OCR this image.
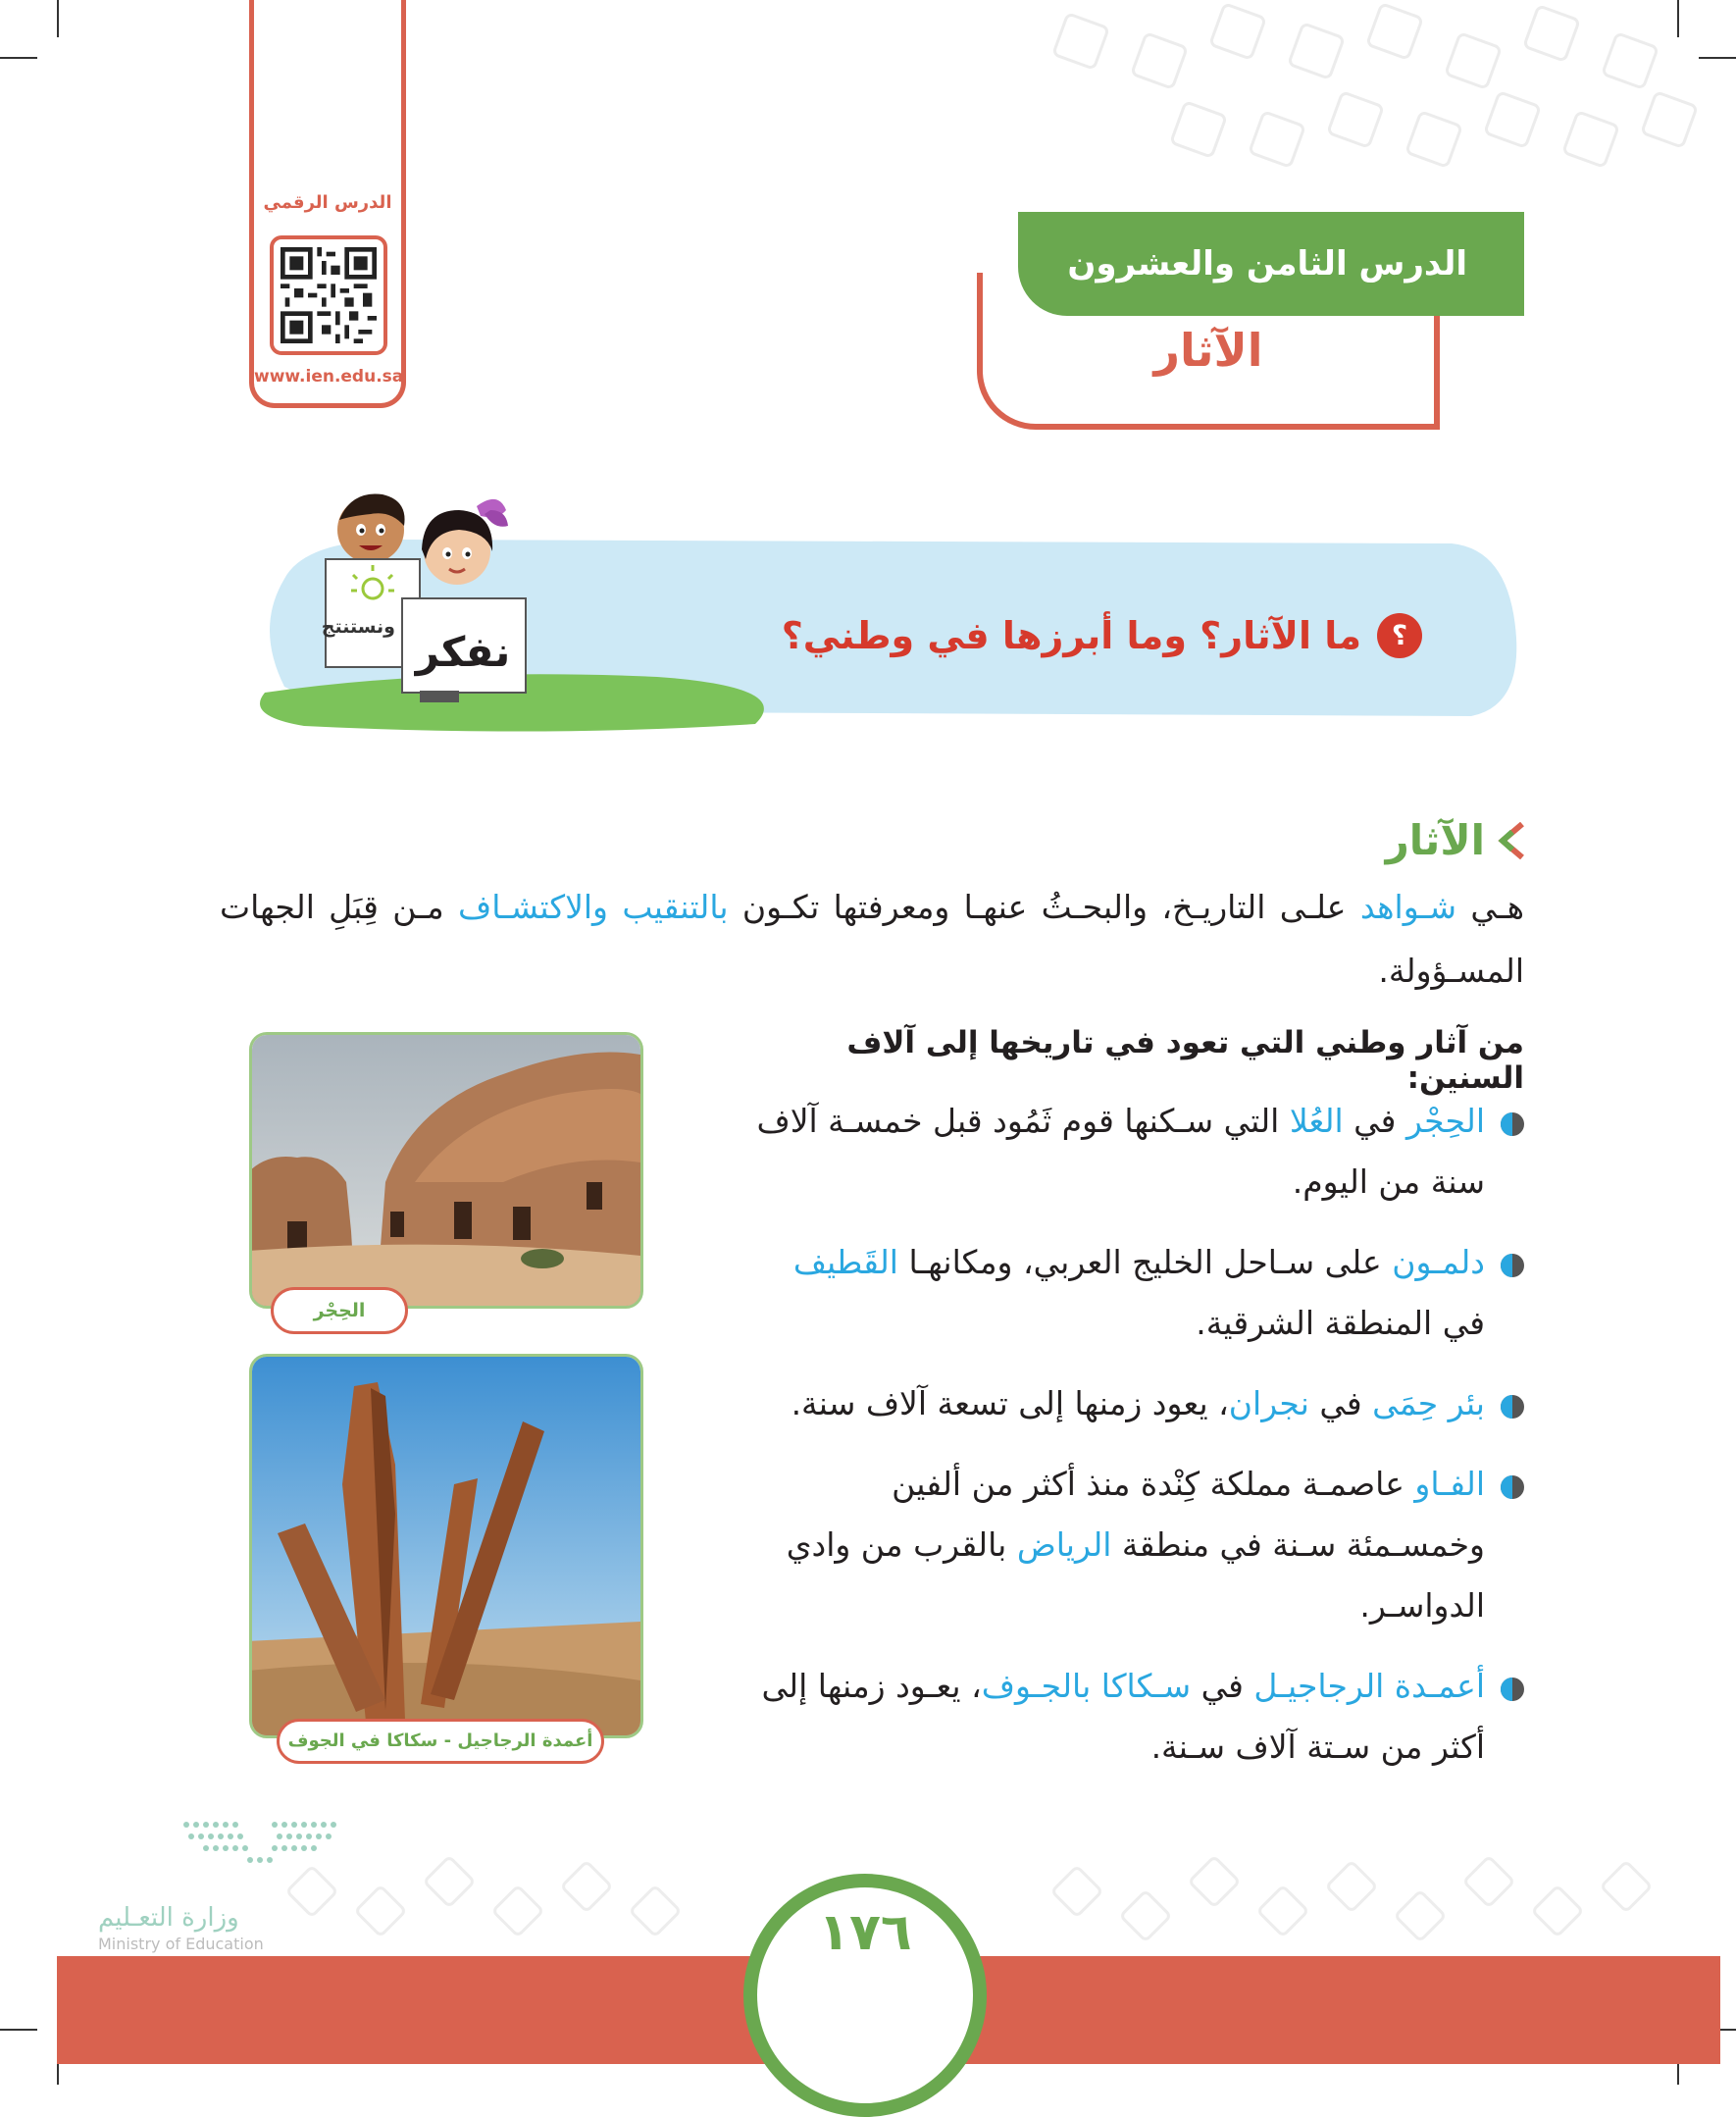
الدرس الرقمي
www.ien.edu.sa
الدرس الثامن والعشرون
الآثار
ونستنتج
نفكر	؟
ما الآثار؟ وما أبرزها في وطني؟
الآثار
هـي شـواهد علـى التاريـخ، والبحـثُ عنهـا ومعرفتها تكـون بالتنقيب والاكتشـاف مـن قِبَلِ الجهات المسـؤولة.
من آثار وطني التي تعود في تاريخها إلى آلاف السنين:
الحِجْر في العُلا التي سـكنها قوم ثَمُود قبل خمسـة آلاف سنة من اليوم.
دلمـون على سـاحل الخليج العربي، ومكانهـا القَطيف في المنطقة الشرقية.
بئر حِمَى في نجران، يعود زمنها إلى تسعة آلاف سنة.
الفـاو عاصمـة مملكة كِنْدة منذ أكثر من ألفين وخمسـمئة سـنة في منطقة الرياض بالقرب من وادي الدواسـر.
أعمـدة الرجاجيـل في سـكاكا بالجـوف، يعـود زمنها إلى أكثر من سـتة آلاف سـنة.
الحِجْر
أعمدة الرجاجيل - سكاكا في الجوف
وزارة التعـليم
Ministry of Education	١٧٦
